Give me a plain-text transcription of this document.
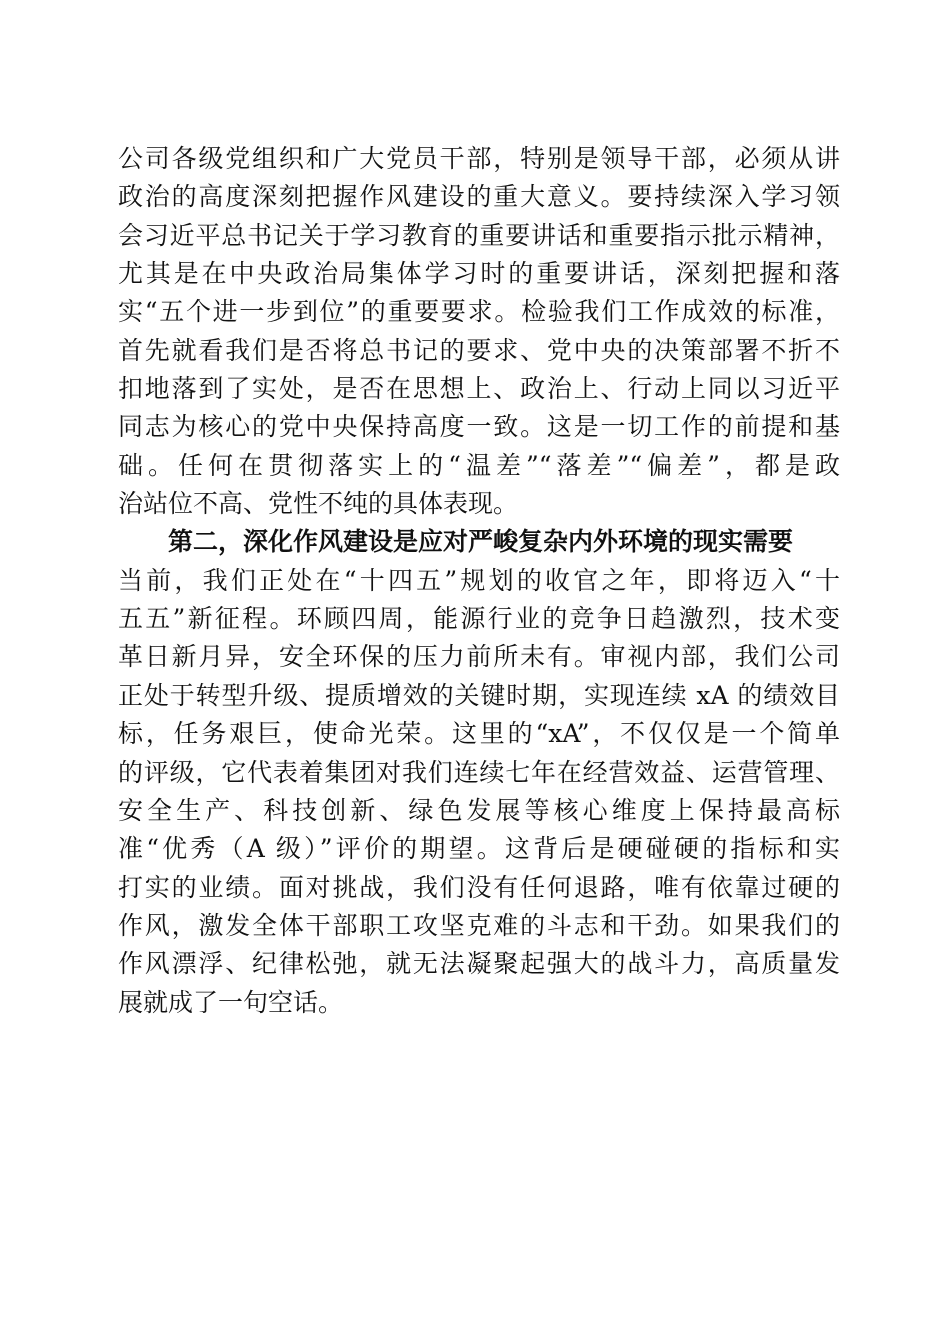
公司各级党组织和广大党员干部，特别是领导干部，必须从讲
政治的高度深刻把握作风建设的重大意义。要持续深入学习领
会习近平总书记关于学习教育的重要讲话和重要指示批示精神，
尤其是在中央政治局集体学习时的重要讲话，深刻把握和落
实“五个进一步到位”的重要要求。检验我们工作成效的标准，
首先就看我们是否将总书记的要求、党中央的决策部署不折不
扣地落到了实处，是否在思想上、政治上、行动上同以习近平
同志为核心的党中央保持高度一致。这是一切工作的前提和基
础。任何在贯彻落实上的“温差”“落差”“偏差”，都是政
治站位不高、党性不纯的具体表现。
第二，深化作风建设是应对严峻复杂内外环境的现实需要
当前，我们正处在“十四五”规划的收官之年，即将迈入“十
五五”新征程。环顾四周，能源行业的竞争日趋激烈，技术变
革日新月异，安全环保的压力前所未有。审视内部，我们公司
正处于转型升级、提质增效的关键时期，实现连续 xA 的绩效目
标，任务艰巨，使命光荣。这里的“xA”，不仅仅是一个简单
的评级，它代表着集团对我们连续七年在经营效益、运营管理、
安全生产、科技创新、绿色发展等核心维度上保持最高标
准“优秀（A 级）”评价的期望。这背后是硬碰硬的指标和实
打实的业绩。面对挑战，我们没有任何退路，唯有依靠过硬的
作风，激发全体干部职工攻坚克难的斗志和干劲。如果我们的
作风漂浮、纪律松弛，就无法凝聚起强大的战斗力，高质量发
展就成了一句空话。
